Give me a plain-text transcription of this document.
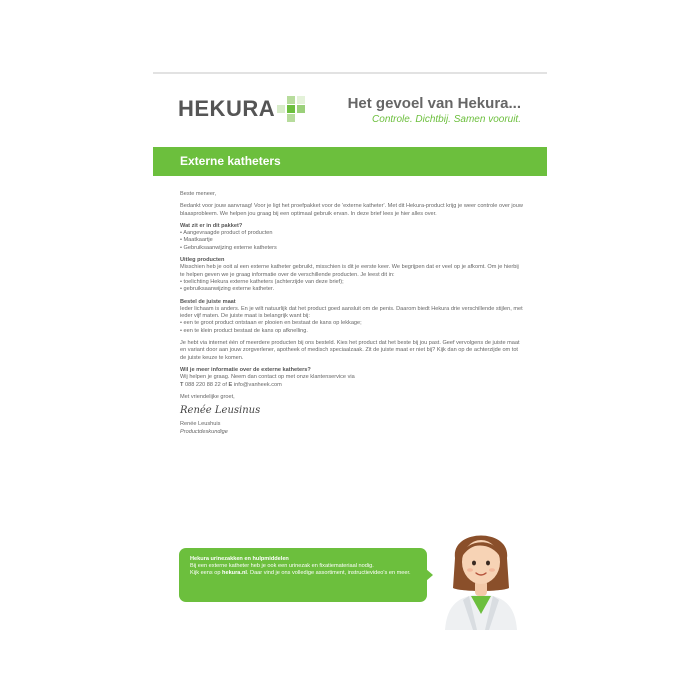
HEKURA	Het gevoel van Hekura...
Controle. Dichtbij. Samen vooruit.
Externe katheters

Beste meneer,

Bedankt voor jouw aanvraag! Voor je ligt het proefpakket voor de 'externe katheter'. Met dit Hekura-product krijg je weer controle over jouw blaasprobleem. We helpen jou graag bij een optimaal gebruik ervan. In deze brief lees je hier alles over.

Wat zit er in dit pakket?
• Aangevraagde product of producten
• Maatkaartje
• Gebruiksaanwijzing externe katheters
Uitleg producten

Misschien heb je ooit al een externe katheter gebruikt, misschien is dit je eerste keer. We begrijpen dat er veel op je afkomt. Om je hierbij te helpen geven we je graag informatie over de verschillende producten. Je leest dit in:

• toelichting Hekura externe katheters (achterzijde van deze brief);
• gebruiksaanwijzing externe katheter.
Bestel de juiste maat

Ieder lichaam is anders. En je wilt natuurlijk dat het product goed aansluit om de penis. Daarom biedt Hekura drie verschillende stijlen, met ieder vijf maten. De juiste maat is belangrijk want bij:

• een te groot product ontstaan er plooien en bestaat de kans op lekkage;
• een te klein product bestaat de kans op afknelling.

Je hebt via internet één of meerdere producten bij ons besteld. Kies het product dat het beste bij jou past. Geef vervolgens de juiste maat en variant door aan jouw zorgverlener, apotheek of medisch speciaalzaak. Zit de juiste maat er niet bij? Kijk dan op de achterzijde om tot de juiste keuze te komen.

Wil je meer informatie over de externe katheters?
Wij helpen je graag. Neem dan contact op met onze klantenservice via

T 088 220 88 22 of E info@vanheek.com

Met vriendelijke groet,

Renée Leusinus
Renée Leushuis
Productdeskundige
Hekura urinezakken en hulpmiddelen
Bij een externe katheter heb je ook een urinezak en fixatiemateriaal nodig.
Kijk eens op hekura.nl. Daar vind je ons volledige assortiment, instructievideo's en meer.
